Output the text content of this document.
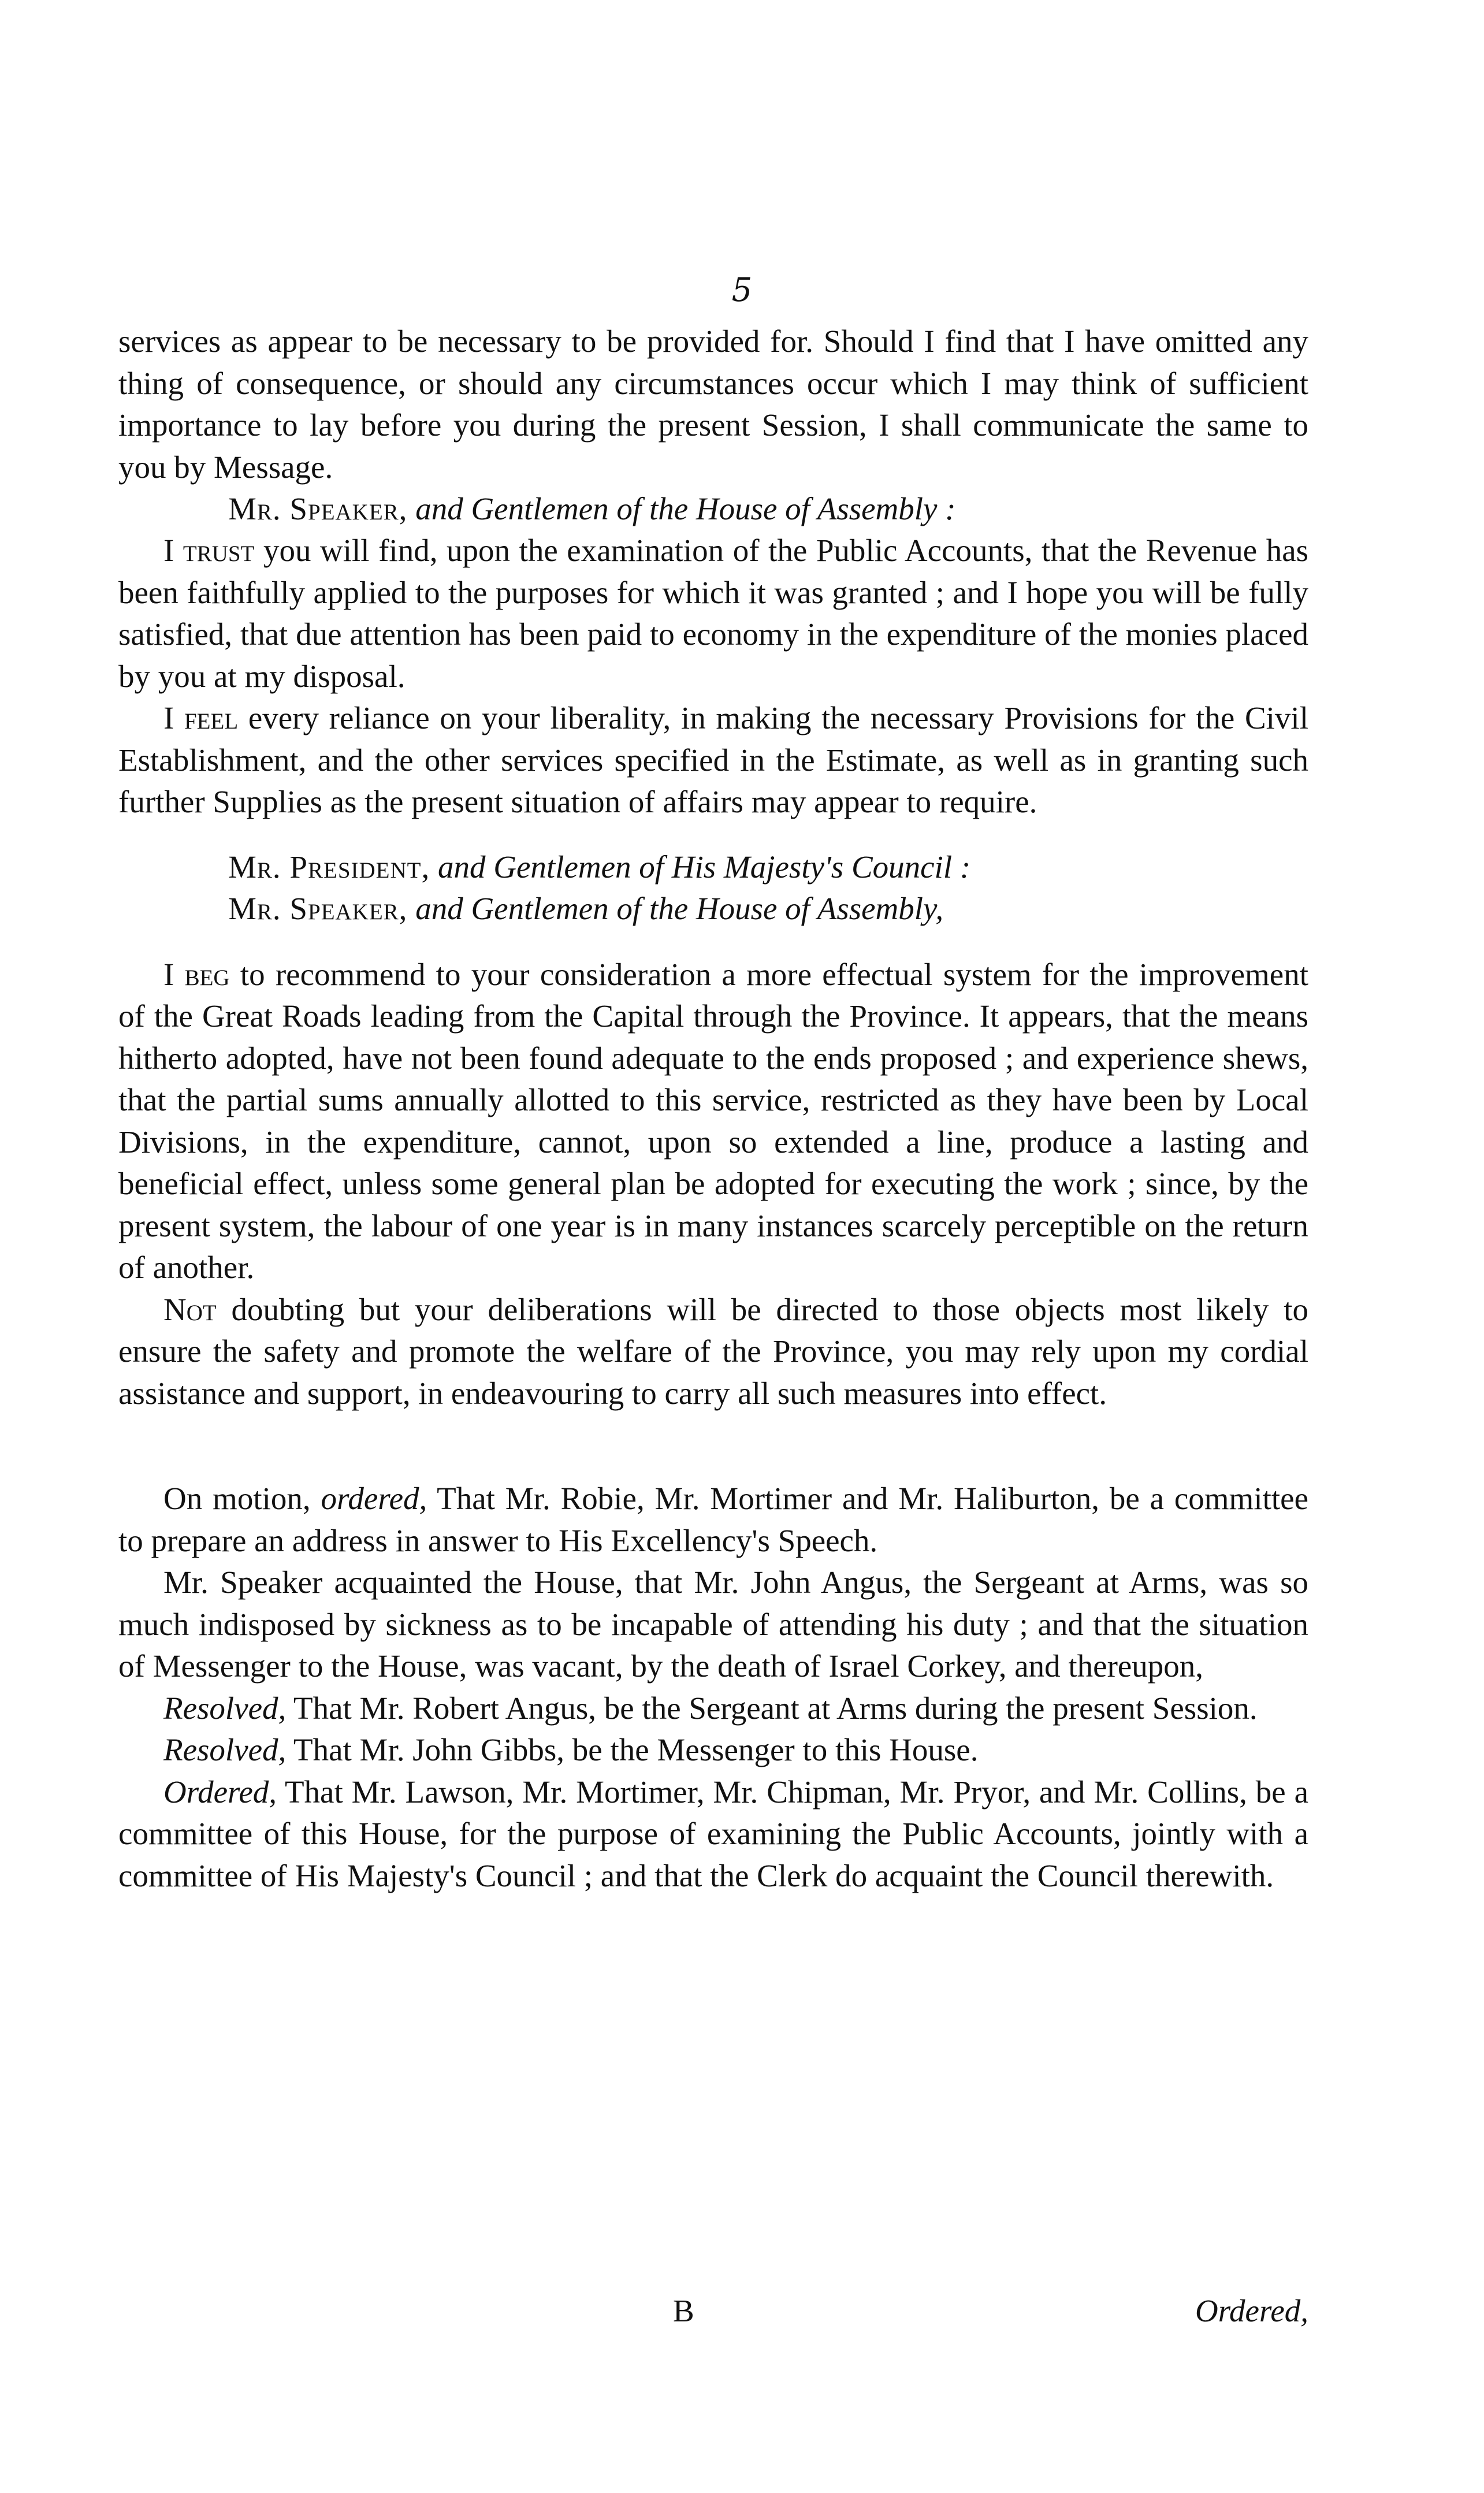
5

services as appear to be necessary to be provided for. Should I find that I have omitted any thing of consequence, or should any circumstances occur which I may think of sufficient importance to lay before you during the present Session, I shall communicate the same to you by Message.

Mr. Speaker, and Gentlemen of the House of Assembly :

I trust you will find, upon the examination of the Public Accounts, that the Revenue has been faithfully applied to the purposes for which it was granted ; and I hope you will be fully satisfied, that due attention has been paid to economy in the expenditure of the monies placed by you at my disposal.

I feel every reliance on your liberality, in making the necessary Provisions for the Civil Establishment, and the other services specified in the Estimate, as well as in granting such further Supplies as the present situation of affairs may appear to require.

Mr. President, and Gentlemen of His Majesty's Council :
Mr. Speaker, and Gentlemen of the House of Assembly,

I beg to recommend to your consideration a more effectual system for the improvement of the Great Roads leading from the Capital through the Province. It appears, that the means hitherto adopted, have not been found adequate to the ends proposed ; and experience shews, that the partial sums annually allotted to this service, restricted as they have been by Local Divisions, in the expenditure, cannot, upon so extended a line, produce a lasting and beneficial effect, unless some general plan be adopted for executing the work ; since, by the present system, the labour of one year is in many instances scarcely perceptible on the return of another.

Not doubting but your deliberations will be directed to those objects most likely to ensure the safety and promote the welfare of the Province, you may rely upon my cordial assistance and support, in endeavouring to carry all such measures into effect.

On motion, ordered, That Mr. Robie, Mr. Mortimer and Mr. Haliburton, be a committee to prepare an address in answer to His Excellency's Speech.

Mr. Speaker acquainted the House, that Mr. John Angus, the Sergeant at Arms, was so much indisposed by sickness as to be incapable of attending his duty ; and that the situation of Messenger to the House, was vacant, by the death of Israel Corkey, and thereupon,

Resolved, That Mr. Robert Angus, be the Sergeant at Arms during the present Session.

Resolved, That Mr. John Gibbs, be the Messenger to this House.

Ordered, That Mr. Lawson, Mr. Mortimer, Mr. Chipman, Mr. Pryor, and Mr. Collins, be a committee of this House, for the purpose of examining the Public Accounts, jointly with a committee of His Majesty's Council ; and that the Clerk do acquaint the Council therewith.

B	Ordered,
